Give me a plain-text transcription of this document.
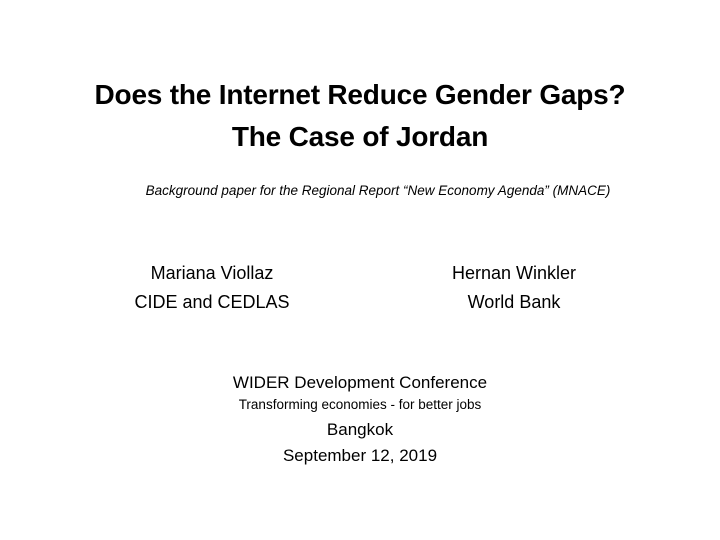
Does the Internet Reduce Gender Gaps?
The Case of Jordan
Background paper for the Regional Report “New Economy Agenda” (MNACE)
Mariana Viollaz
CIDE and CEDLAS
Hernan Winkler
World Bank
WIDER Development Conference
Transforming economies - for better jobs
Bangkok
September 12, 2019
